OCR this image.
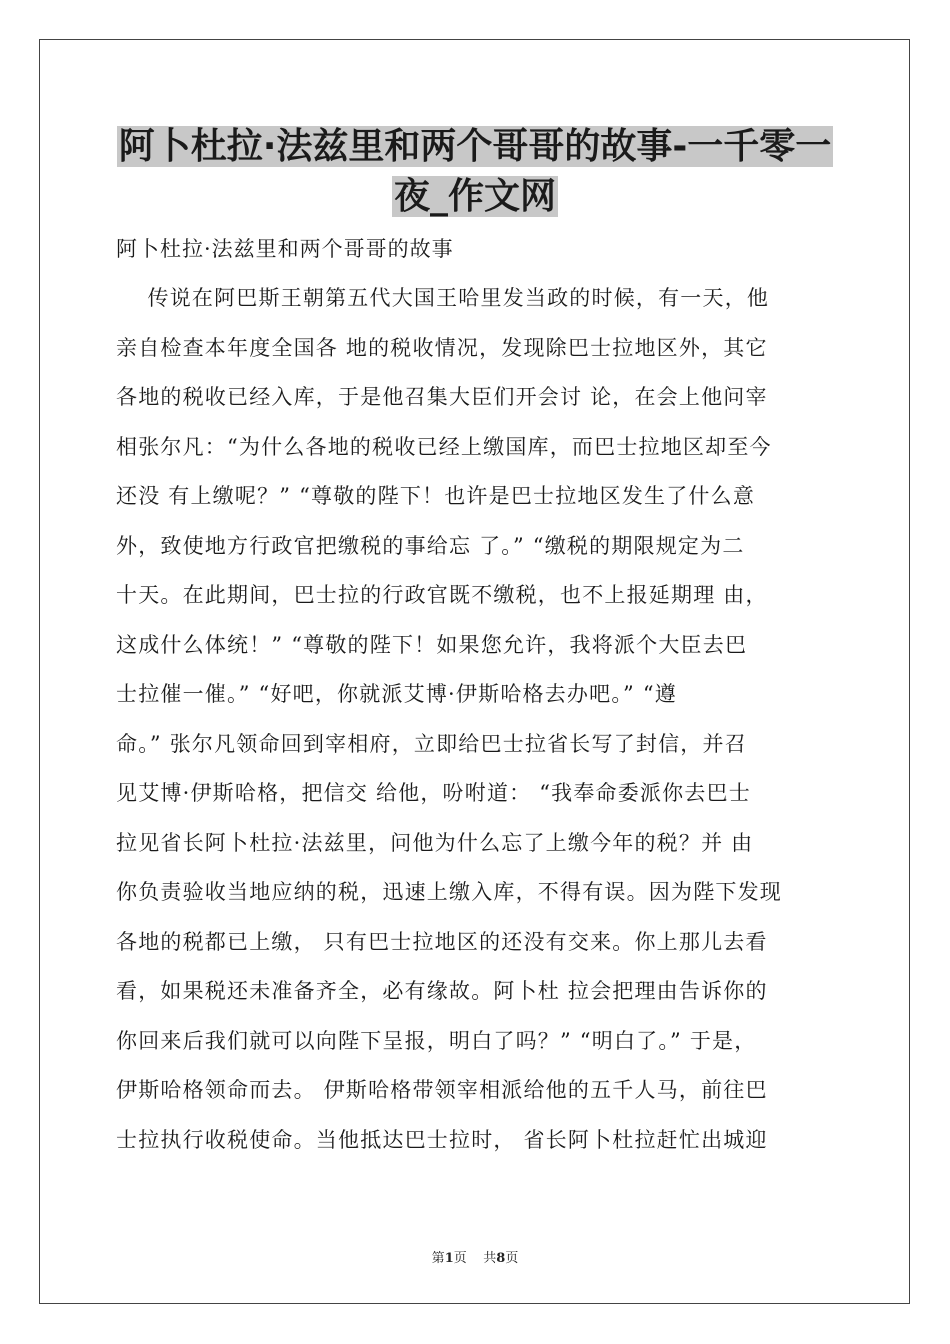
阿卜杜拉·法兹里和两个哥哥的故事-一千零一
夜_作文网

阿卜杜拉·法兹里和两个哥哥的故事

传说在阿巴斯王朝第五代大国王哈里发当政的时候，有一天，他
亲自检查本年度全国各 地的税收情况，发现除巴士拉地区外，其它
各地的税收已经入库，于是他召集大臣们开会讨 论，在会上他问宰
相张尔凡：“为什么各地的税收已经上缴国库，而巴士拉地区却至今
还没 有上缴呢？” “尊敬的陛下！也许是巴士拉地区发生了什么意
外，致使地方行政官把缴税的事给忘 了。” “缴税的期限规定为二
十天。在此期间，巴士拉的行政官既不缴税，也不上报延期理 由，
这成什么体统！” “尊敬的陛下！如果您允许，我将派个大臣去巴
士拉催一催。” “好吧，你就派艾博·伊斯哈格去办吧。” “遵
命。” 张尔凡领命回到宰相府，立即给巴士拉省长写了封信，并召
见艾博·伊斯哈格，把信交 给他，吩咐道： “我奉命委派你去巴士
拉见省长阿卜杜拉·法兹里，问他为什么忘了上缴今年的税？并 由
你负责验收当地应纳的税，迅速上缴入库，不得有误。因为陛下发现
各地的税都已上缴， 只有巴士拉地区的还没有交来。你上那儿去看
看，如果税还未准备齐全，必有缘故。阿卜杜 拉会把理由告诉你的
你回来后我们就可以向陛下呈报，明白了吗？” “明白了。” 于是，
伊斯哈格领命而去。 伊斯哈格带领宰相派给他的五千人马，前往巴
士拉执行收税使命。当他抵达巴士拉时， 省长阿卜杜拉赶忙出城迎
第1页    共8页
